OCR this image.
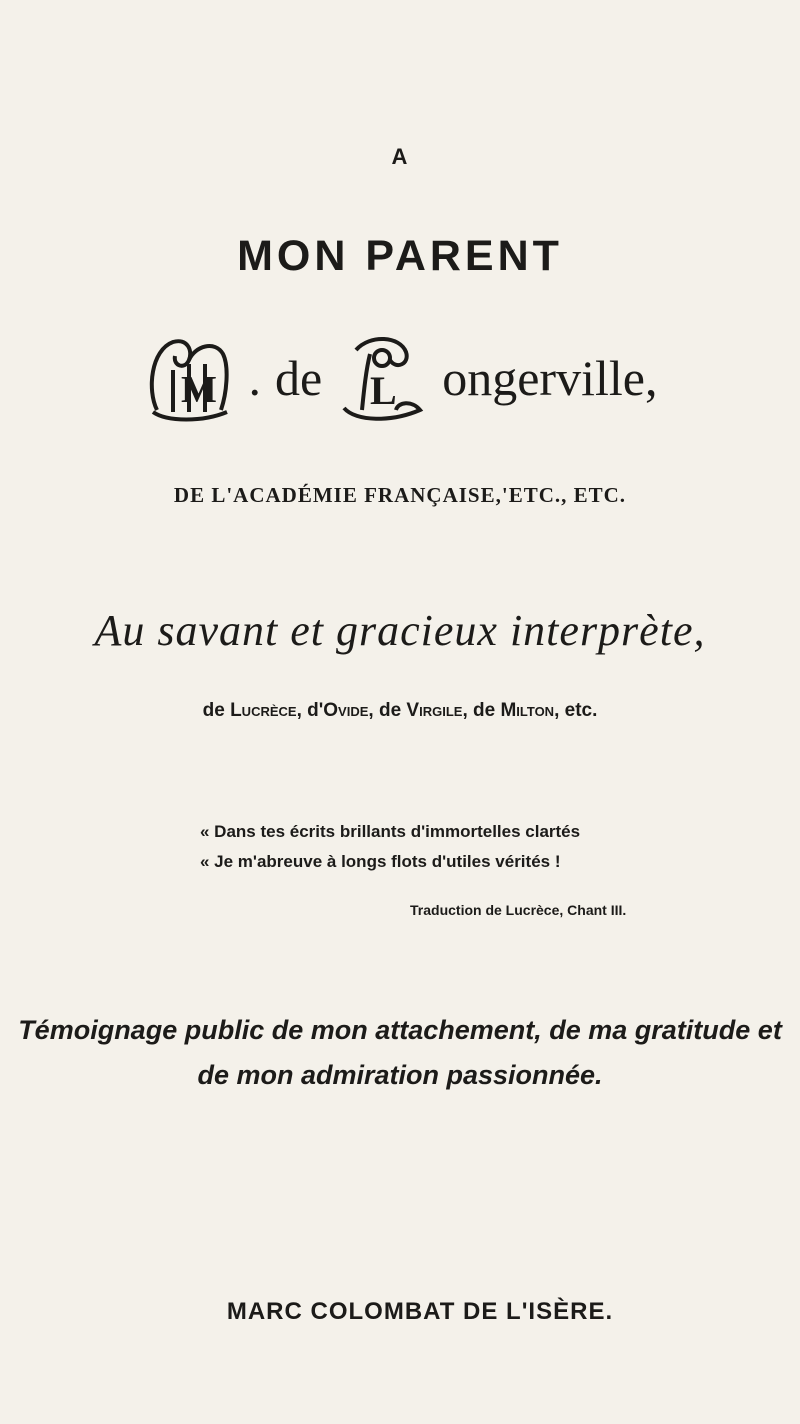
A
MON PARENT
M . de L ongerville,
DE L'ACADÉMIE FRANÇAISE,'ETC., ETC.
Au savant et gracieux interprète,
de Lucrèce, d'Ovide, de Virgile, de Milton, etc.
« Dans tes écrits brillants d'immortelles clartés
« Je m'abreuve à longs flots d'utiles vérités !
Traduction de Lucrèce, Chant III.
Témoignage public de mon attachement, de ma gratitude et
de mon admiration passionnée.
MARC COLOMBAT DE L'ISÈRE.
